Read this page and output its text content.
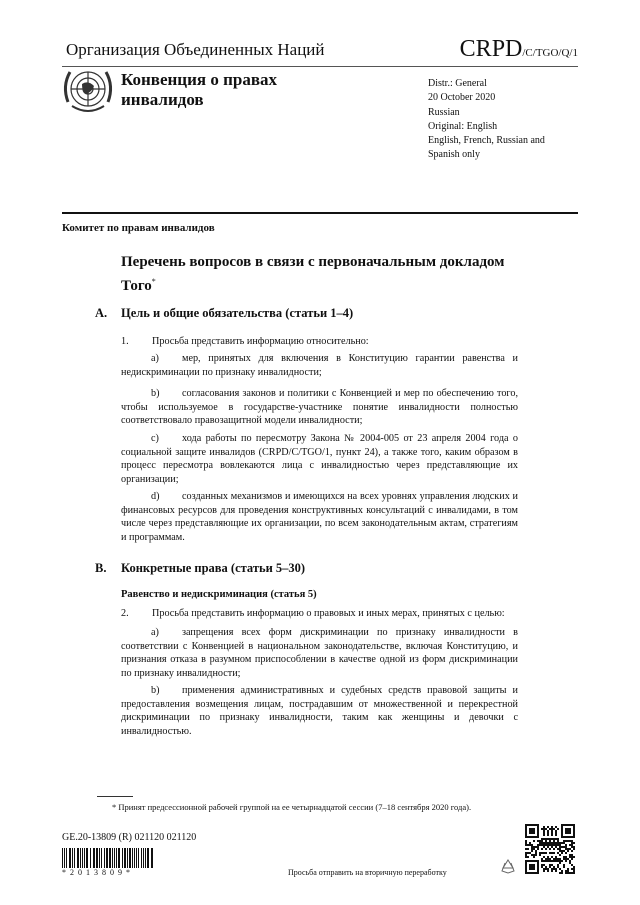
Организация Объединенных Наций	CRPD/C/TGO/Q/1
Конвенция о правах инвалидов
Distr.: General
20 October 2020
Russian
Original: English
English, French, Russian and Spanish only
Комитет по правам инвалидов
Перечень вопросов в связи с первоначальным докладом Того*
A. Цель и общие обязательства (статьи 1–4)
1. Просьба представить информацию относительно:
a) мер, принятых для включения в Конституцию гарантии равенства и недискриминации по признаку инвалидности;
b) согласования законов и политики с Конвенцией и мер по обеспечению того, чтобы используемое в государстве-участнике понятие инвалидности полностью соответствовало правозащитной модели инвалидности;
c) хода работы по пересмотру Закона № 2004-005 от 23 апреля 2004 года о социальной защите инвалидов (CRPD/C/TGO/1, пункт 24), а также того, каким образом в процесс пересмотра вовлекаются лица с инвалидностью через представляющие их организации;
d) созданных механизмов и имеющихся на всех уровнях управления людских и финансовых ресурсов для проведения конструктивных консультаций с инвалидами, в том числе через представляющие их организации, по всем законодательным актам, стратегиям и программам.
B. Конкретные права (статьи 5–30)
Равенство и недискриминация (статья 5)
2. Просьба представить информацию о правовых и иных мерах, принятых с целью:
a) запрещения всех форм дискриминации по признаку инвалидности в соответствии с Конвенцией в национальном законодательстве, включая Конституцию, и признания отказа в разумном приспособлении в качестве одной из форм дискриминации по признаку инвалидности;
b) применения административных и судебных средств правовой защиты и предоставления возмещения лицам, пострадавшим от множественной и перекрестной дискриминации по признаку инвалидности, таким как женщины и девочки с инвалидностью.
* Принят предсессионной рабочей группой на ее четырнадцатой сессии (7–18 сентября 2020 года).
GE.20-13809 (R) 021120 021120
*2013809*	Просьба отправить на вторичную переработку
